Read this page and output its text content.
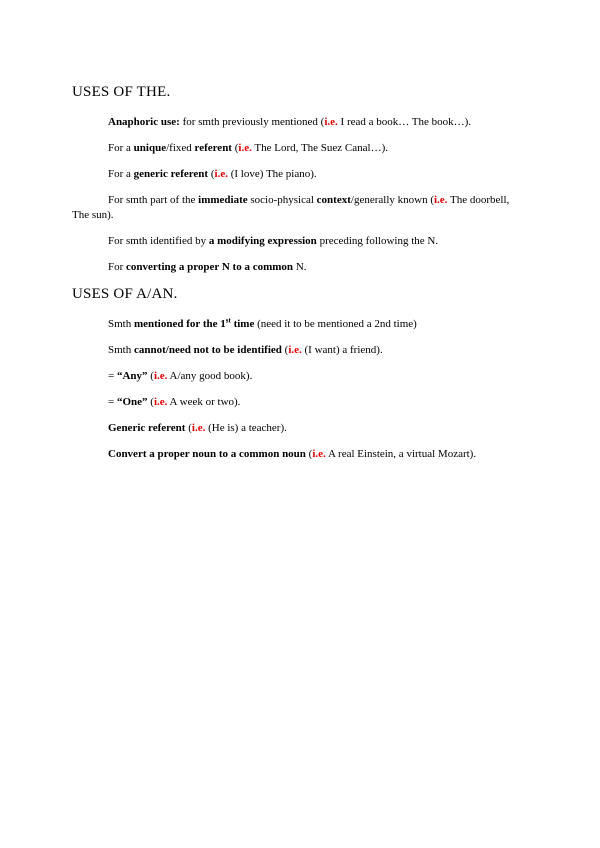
USES OF THE.

Anaphoric use: for smth previously mentioned (i.e. I read a book… The book…).

For a unique/fixed referent (i.e. The Lord, The Suez Canal…).

For a generic referent (i.e. (I love) The piano).

For smth part of the immediate socio-physical context/generally known (i.e. The doorbell, The sun).

For smth identified by a modifying expression preceding following the N.

For converting a proper N to a common N.

USES OF A/AN.

Smth mentioned for the 1st time (need it to be mentioned a 2nd time)

Smth cannot/need not to be identified (i.e. (I want) a friend).

= “Any” (i.e. A/any good book).

= “One” (i.e. A week or two).

Generic referent (i.e. (He is) a teacher).

Convert a proper noun to a common noun (i.e. A real Einstein, a virtual Mozart).
